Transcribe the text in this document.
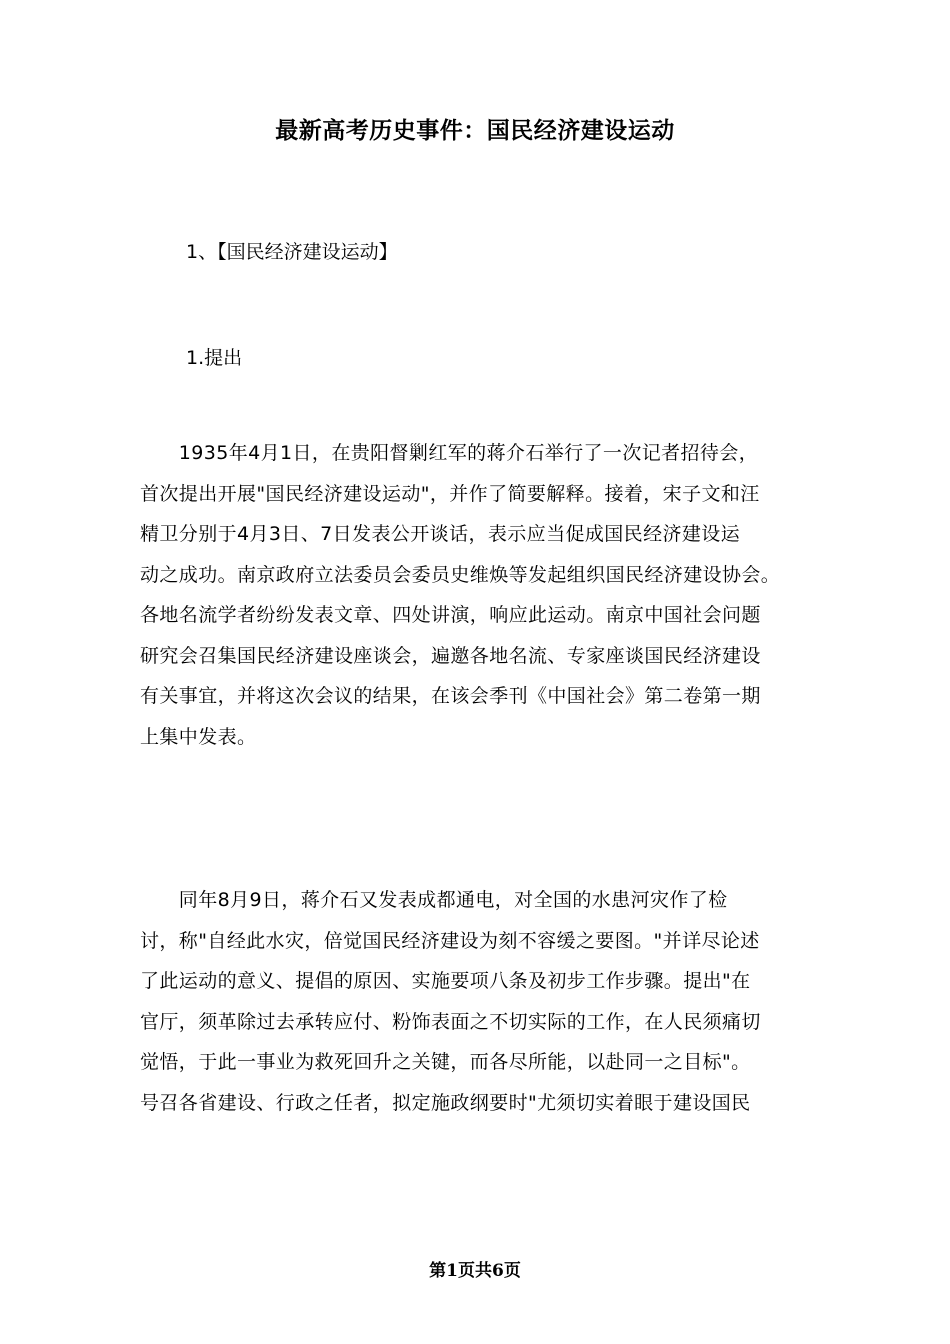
最新高考历史事件：国民经济建设运动
1、【国民经济建设运动】
1.提出
　　1935年4月1日，在贵阳督剿红军的蒋介石举行了一次记者招待会，
首次提出开展"国民经济建设运动"，并作了简要解释。接着，宋子文和汪
精卫分别于4月3日、7日发表公开谈话，表示应当促成国民经济建设运
动之成功。南京政府立法委员会委员史维焕等发起组织国民经济建设协会。
各地名流学者纷纷发表文章、四处讲演，响应此运动。南京中国社会问题
研究会召集国民经济建设座谈会，遍邀各地名流、专家座谈国民经济建设
有关事宜，并将这次会议的结果，在该会季刊《中国社会》第二卷第一期
上集中发表。
　　同年8月9日，蒋介石又发表成都通电，对全国的水患河灾作了检
讨，称"自经此水灾，倍觉国民经济建设为刻不容缓之要图。"并详尽论述
了此运动的意义、提倡的原因、实施要项八条及初步工作步骤。提出"在
官厅，须革除过去承转应付、粉饰表面之不切实际的工作，在人民须痛切
觉悟，于此一事业为救死回升之关键，而各尽所能，以赴同一之目标"。
号召各省建设、行政之任者，拟定施政纲要时"尤须切实着眼于建设国民
第1页共6页
